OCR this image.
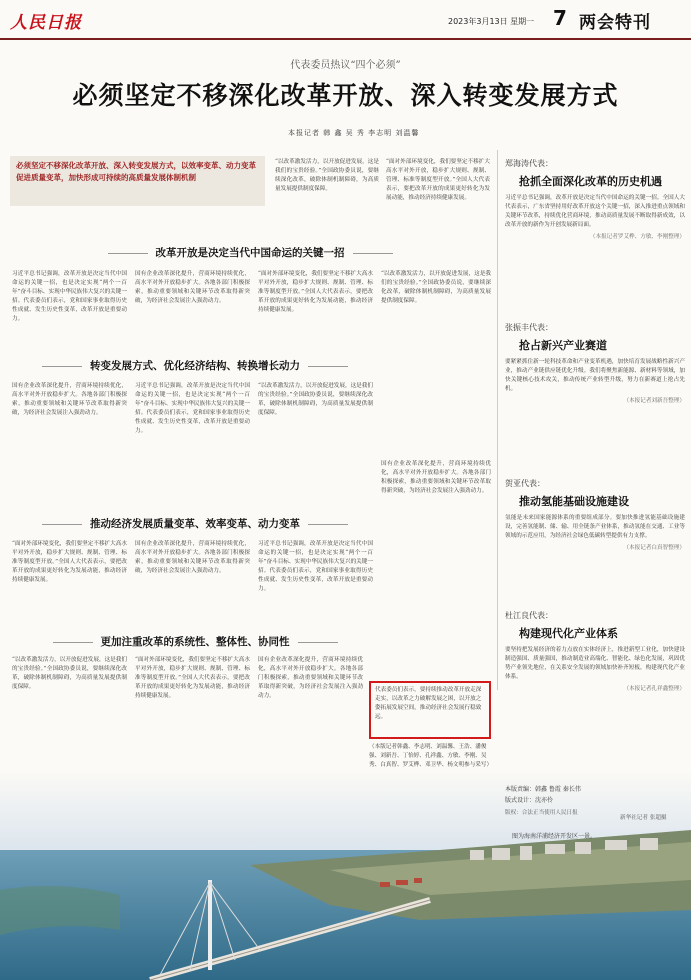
人民日报	2023年3月13日 星期一 7 两会特刊
代表委员热议“四个必须”
必须坚定不移深化改革开放、深入转变发展方式
本报记者 韩 鑫 吴 秀 李志明 刘温馨
必须坚定不移深化改革开放、深入转变发展方式，以效率变革、动力变革促进质量变革，加快形成可持续的高质量发展体制机制
“以改革激发活力，以开放促进发展，这是我们的宝贵经验。”全国政协委员说，要继续深化改革，破除体制机制障碍，为高质量发展提供制度保障。
“面对外部环境变化，我们要坚定不移扩大高水平对外开放，稳步扩大规则、规制、管理、标准等制度型开放。”全国人大代表表示，要把改革开放的成果更好转化为发展动能，推动经济持续健康发展。
改革开放是决定当代中国命运的关键一招
习近平总书记强调，改革开放是决定当代中国命运的关键一招，也是决定实现“两个一百年”奋斗目标、实现中华民族伟大复兴的关键一招。代表委员们表示，党和国家事业取得历史性成就、发生历史性变革，改革开放是重要动力。
国有企业改革深化提升，营商环境持续优化，高水平对外开放稳步扩大。各地各部门积极探索，推动重要领域和关键环节改革取得新突破，为经济社会发展注入强劲动力。
“面对外部环境变化，我们要坚定不移扩大高水平对外开放，稳步扩大规则、规制、管理、标准等制度型开放。”全国人大代表表示，要把改革开放的成果更好转化为发展动能，推动经济持续健康发展。
“以改革激发活力，以开放促进发展，这是我们的宝贵经验。”全国政协委员说，要继续深化改革，破除体制机制障碍，为高质量发展提供制度保障。
转变发展方式、优化经济结构、转换增长动力
国有企业改革深化提升，营商环境持续优化，高水平对外开放稳步扩大。各地各部门积极探索，推动重要领域和关键环节改革取得新突破，为经济社会发展注入强劲动力。
习近平总书记强调，改革开放是决定当代中国命运的关键一招，也是决定实现“两个一百年”奋斗目标、实现中华民族伟大复兴的关键一招。代表委员们表示，党和国家事业取得历史性成就、发生历史性变革，改革开放是重要动力。
“以改革激发活力，以开放促进发展，这是我们的宝贵经验。”全国政协委员说，要继续深化改革，破除体制机制障碍，为高质量发展提供制度保障。
推动经济发展质量变革、效率变革、动力变革
“面对外部环境变化，我们要坚定不移扩大高水平对外开放，稳步扩大规则、规制、管理、标准等制度型开放。”全国人大代表表示，要把改革开放的成果更好转化为发展动能，推动经济持续健康发展。
国有企业改革深化提升，营商环境持续优化，高水平对外开放稳步扩大。各地各部门积极探索，推动重要领域和关键环节改革取得新突破，为经济社会发展注入强劲动力。
习近平总书记强调，改革开放是决定当代中国命运的关键一招，也是决定实现“两个一百年”奋斗目标、实现中华民族伟大复兴的关键一招。代表委员们表示，党和国家事业取得历史性成就、发生历史性变革，改革开放是重要动力。
国有企业改革深化提升，营商环境持续优化，高水平对外开放稳步扩大。各地各部门积极探索，推动重要领域和关键环节改革取得新突破，为经济社会发展注入强劲动力。
更加注重改革的系统性、整体性、协同性
“以改革激发活力，以开放促进发展，这是我们的宝贵经验。”全国政协委员说，要继续深化改革，破除体制机制障碍，为高质量发展提供制度保障。
“面对外部环境变化，我们要坚定不移扩大高水平对外开放，稳步扩大规则、规制、管理、标准等制度型开放。”全国人大代表表示，要把改革开放的成果更好转化为发展动能，推动经济持续健康发展。
国有企业改革深化提升，营商环境持续优化，高水平对外开放稳步扩大。各地各部门积极探索，推动重要领域和关键环节改革取得新突破，为经济社会发展注入强劲动力。
代表委员们表示，要持续推动改革开放走深走实，以改革之力破解发展之困，以开放之姿拓展发展空间，推动经济社会发展行稳致远。
（本版记者韩鑫、李志明、刘温馨、王浩、潘俊强、刘新吾、丁怡婷、孔祥鑫、方敏、李刚、吴秀、白真智、罗艾桦、邓卫华、杨文明参与采写）
郑海涛代表：
抢抓全面深化改革的历史机遇
习近平总书记强调，改革开放是决定当代中国命运的关键一招。全国人大代表表示，广东省坚持用好改革开放这个关键一招，深入推进重点领域和关键环节改革，持续优化营商环境，推动高质量发展不断取得新成效，以改革开放的新作为开创发展新局面。
（本报记者罗艾桦、方敏、李刚整理）
张振丰代表：
抢占新兴产业赛道
要紧紧抓住新一轮科技革命和产业变革机遇，加快培育发展战略性新兴产业，推动产业链供应链优化升级。我们将聚焦新能源、新材料等领域，加快关键核心技术攻关，推动传统产业转型升级，努力在新赛道上抢占先机。
（本报记者刘新吾整理）
贺亚代表：
推动氢能基础设施建设
氢能是未来国家能源体系的重要组成部分。要加快推进氢能基础设施建设，完善氢能制、储、输、用全链条产业体系，推动氢能在交通、工业等领域的示范应用，为经济社会绿色低碳转型提供有力支撑。
（本报记者白真智整理）
杜江良代表：
构建现代化产业体系
要坚持把发展经济的着力点放在实体经济上，推进新型工业化，加快建设制造强国、质量强国，推动制造业高端化、智能化、绿色化发展，巩固优势产业领先地位，在关系安全发展的领域加快补齐短板，构建现代化产业体系。
（本报记者孔祥鑫整理）
图为海南洋浦经济开发区一景。
本版责编：韩鑫 鲁霞 秦长伟
版式设计：沈亦伶
版权：合法正当使用人民日报
新华社记者 张超摄
